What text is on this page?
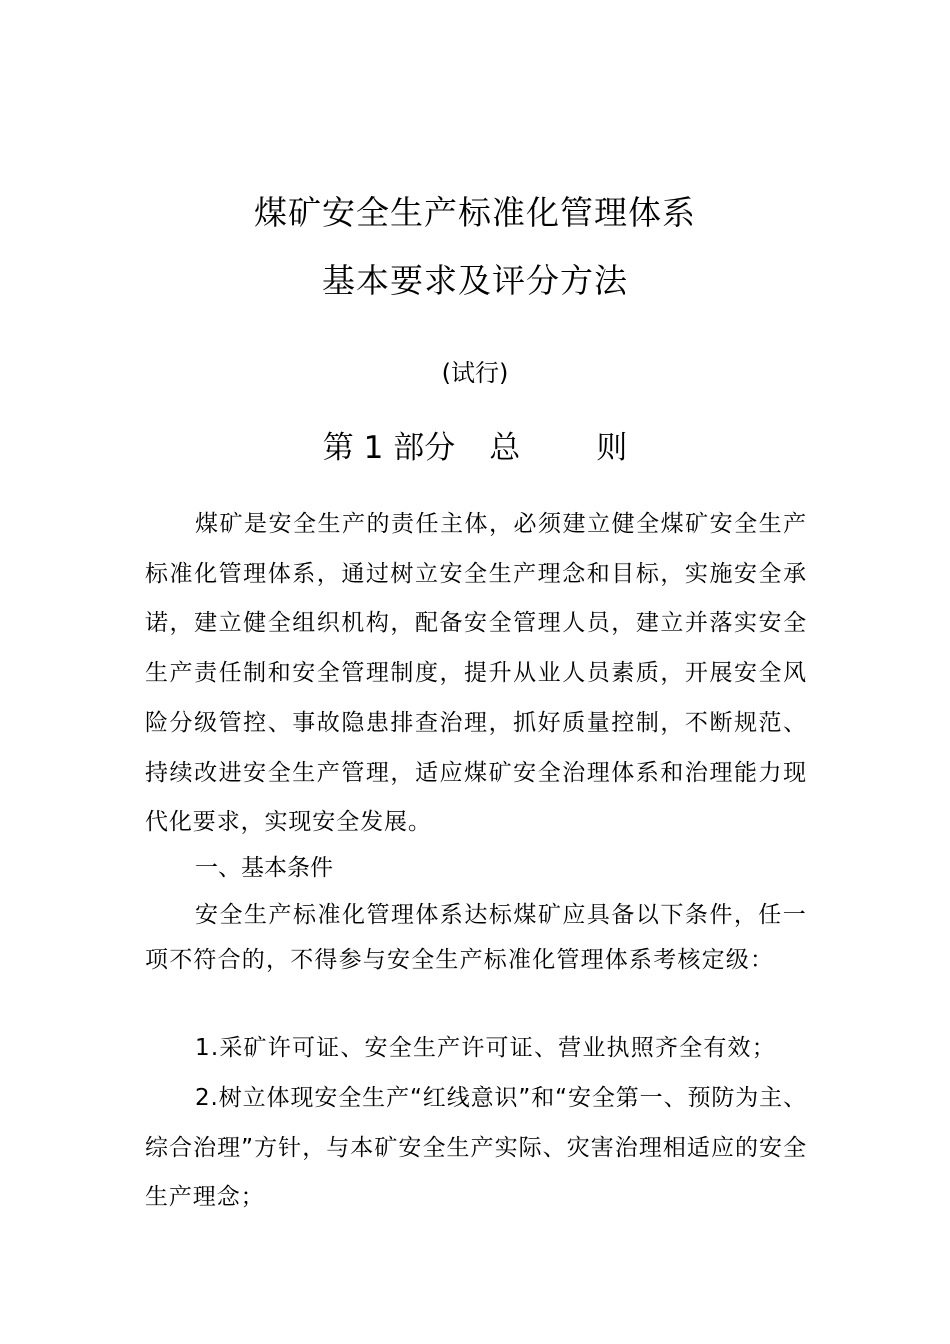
煤矿安全生产标准化管理体系
基本要求及评分方法
(试行)
第 1 部分 总 则
煤矿是安全生产的责任主体，必须建立健全煤矿安全生产标准化管理体系，通过树立安全生产理念和目标，实施安全承诺，建立健全组织机构，配备安全管理人员，建立并落实安全生产责任制和安全管理制度，提升从业人员素质，开展安全风险分级管控、事故隐患排查治理，抓好质量控制，不断规范、持续改进安全生产管理，适应煤矿安全治理体系和治理能力现代化要求，实现安全发展。
一、基本条件
安全生产标准化管理体系达标煤矿应具备以下条件，任一项不符合的，不得参与安全生产标准化管理体系考核定级：
1.采矿许可证、安全生产许可证、营业执照齐全有效；
2.树立体现安全生产“红线意识”和“安全第一、预防为主、综合治理”方针，与本矿安全生产实际、灾害治理相适应的安全生产理念；
